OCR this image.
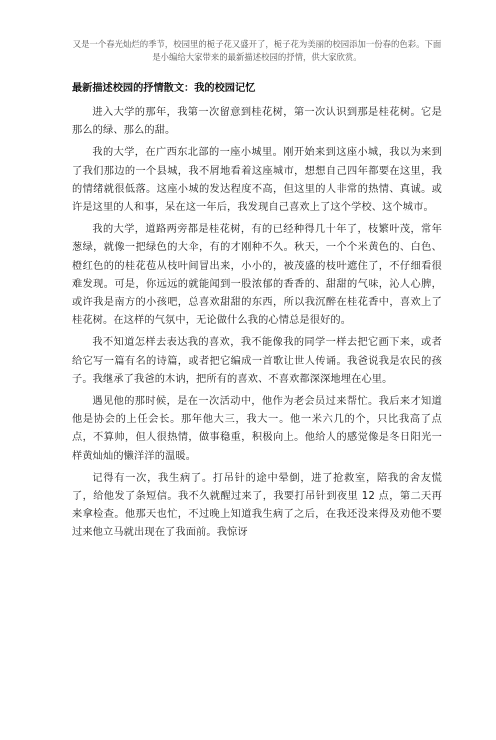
又是一个春光灿烂的季节，校园里的栀子花又盛开了，栀子花为美丽的校园添加一份春的色彩。下面是小编给大家带来的最新描述校园的抒情，供大家欣赏。

最新描述校园的抒情散文：我的校园记忆

进入大学的那年，我第一次留意到桂花树，第一次认识到那是桂花树。它是那么的绿、那么的甜。

我的大学，在广西东北部的一座小城里。刚开始来到这座小城，我以为来到了我们那边的一个县城，我不屑地看着这座城市，想想自己四年都要在这里，我的情绪就很低落。这座小城的发达程度不高，但这里的人非常的热情、真诚。或许是这里的人和事，呆在这一年后，我发现自己喜欢上了这个学校、这个城市。

我的大学，道路两旁都是桂花树，有的已经种得几十年了，枝繁叶茂，常年葱绿，就像一把绿色的大伞，有的才刚种不久。秋天，一个个米黄色的、白色、橙红色的的桂花苞从枝叶间冒出来，小小的，被茂盛的枝叶遮住了，不仔细看很难发现。可是，你远远的就能闻到一股浓郁的香香的、甜甜的气味，沁人心脾，或许我是南方的小孩吧，总喜欢甜甜的东西，所以我沉醉在桂花香中，喜欢上了桂花树。在这样的气氛中，无论做什么我的心情总是很好的。

我不知道怎样去表达我的喜欢，我不能像我的同学一样去把它画下来，或者给它写一篇有名的诗篇，或者把它编成一首歌让世人传诵。我爸说我是农民的孩子。我继承了我爸的木讷，把所有的喜欢、不喜欢都深深地埋在心里。

遇见他的那时候，是在一次活动中，他作为老会员过来帮忙。我后来才知道他是协会的上任会长。那年他大三，我大一。他一米六几的个，只比我高了点点，不算帅，但人很热情，做事稳重，积极向上。他给人的感觉像是冬日阳光一样黄灿灿的懒洋洋的温暖。

记得有一次，我生病了。打吊针的途中晕倒，进了抢救室，陪我的舍友慌了，给他发了条短信。我不久就醒过来了，我要打吊针到夜里 12 点，第二天再来拿检查。他那天也忙，不过晚上知道我生病了之后，在我还没来得及劝他不要过来他立马就出现在了我面前。我惊讶
